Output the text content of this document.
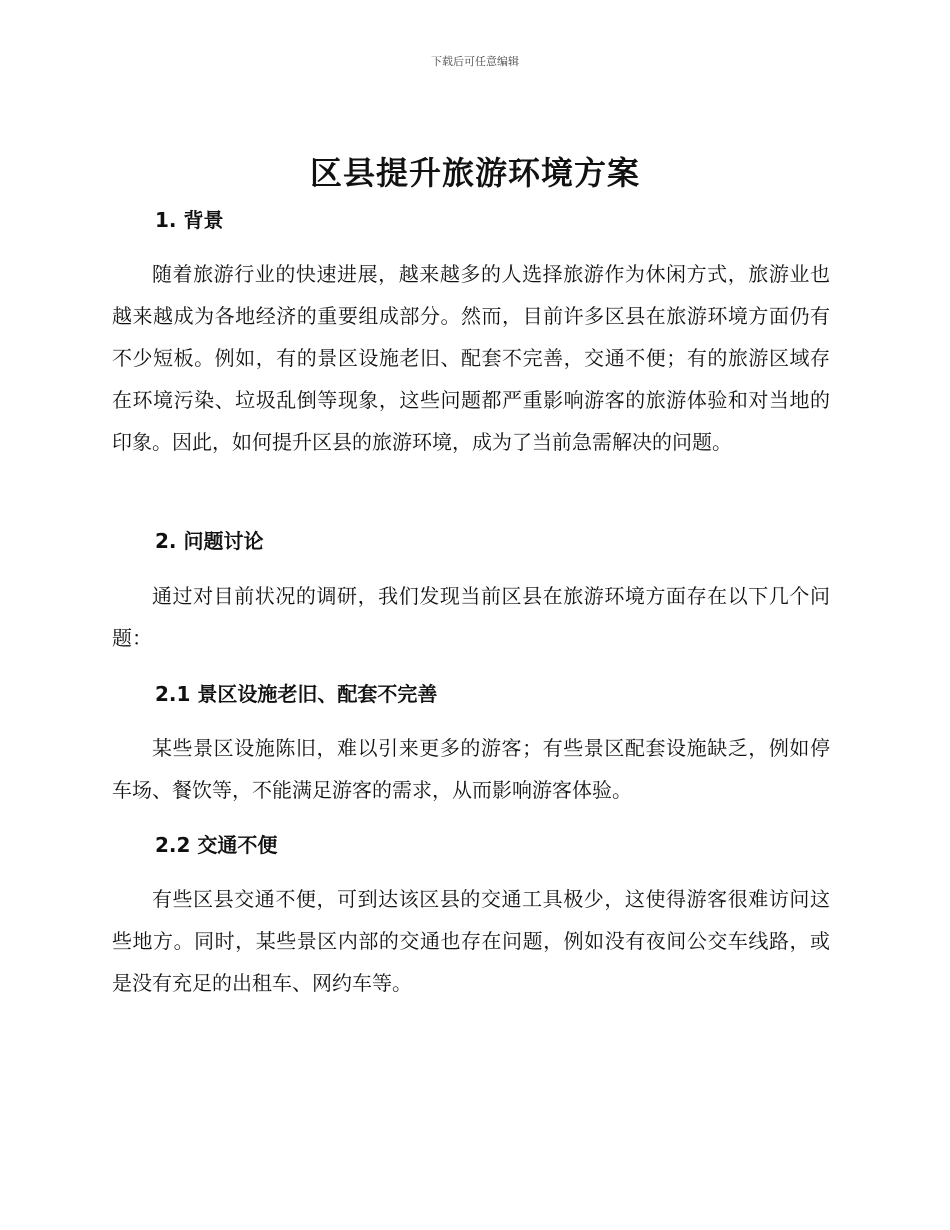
下载后可任意编辑
区县提升旅游环境方案
1. 背景

随着旅游行业的快速进展，越来越多的人选择旅游作为休闲方式，旅游业也越来越成为各地经济的重要组成部分。然而，目前许多区县在旅游环境方面仍有不少短板。例如，有的景区设施老旧、配套不完善，交通不便；有的旅游区域存在环境污染、垃圾乱倒等现象，这些问题都严重影响游客的旅游体验和对当地的印象。因此，如何提升区县的旅游环境，成为了当前急需解决的问题。

2. 问题讨论

通过对目前状况的调研，我们发现当前区县在旅游环境方面存在以下几个问题：

2.1 景区设施老旧、配套不完善

某些景区设施陈旧，难以引来更多的游客；有些景区配套设施缺乏，例如停车场、餐饮等，不能满足游客的需求，从而影响游客体验。

2.2 交通不便

有些区县交通不便，可到达该区县的交通工具极少，这使得游客很难访问这些地方。同时，某些景区内部的交通也存在问题，例如没有夜间公交车线路，或是没有充足的出租车、网约车等。
